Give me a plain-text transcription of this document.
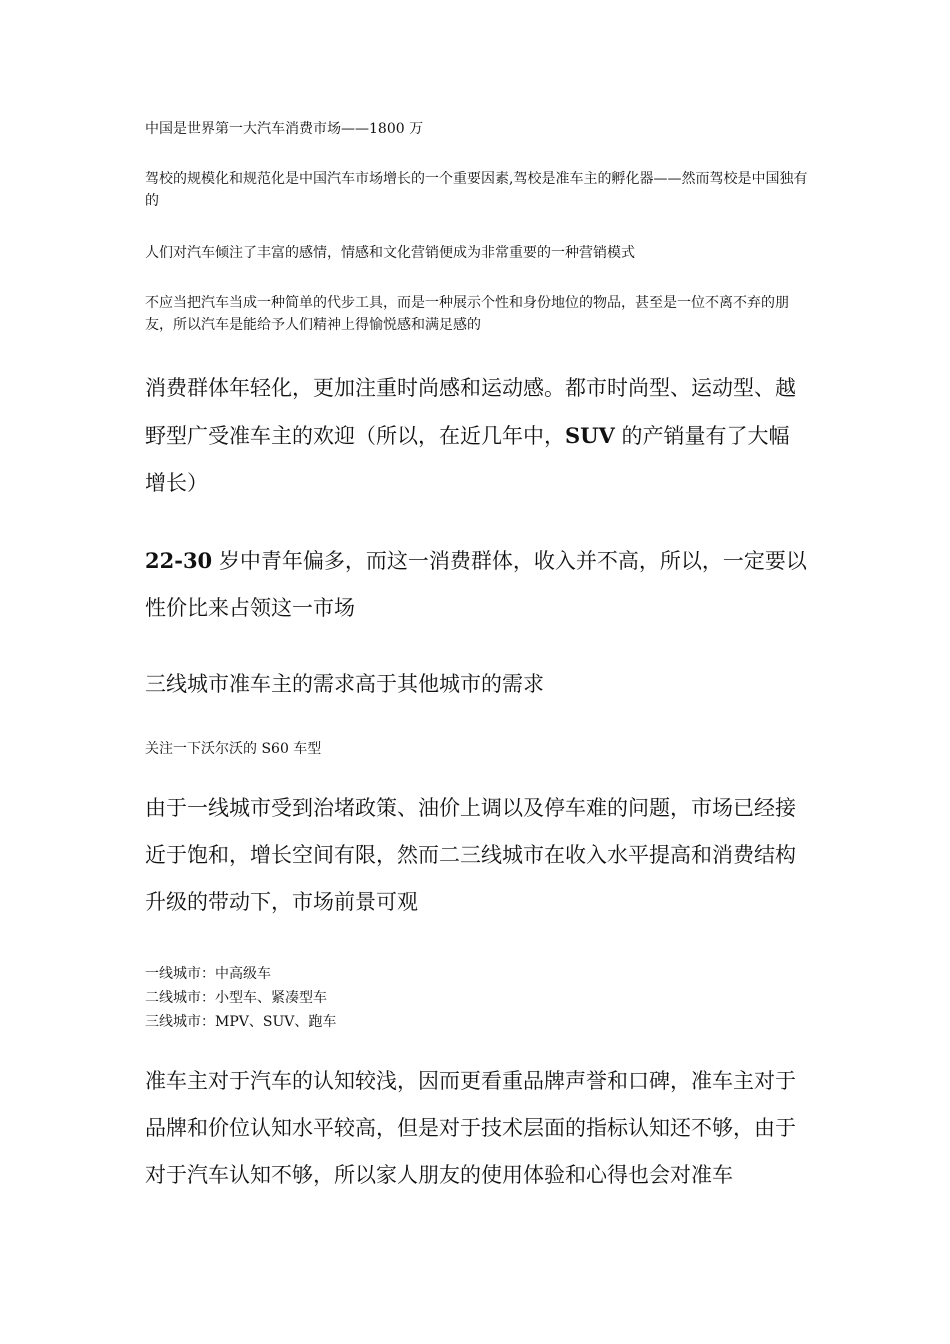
中国是世界第一大汽车消费市场——1800 万

驾校的规模化和规范化是中国汽车市场增长的一个重要因素,驾校是准车主的孵化器——然而驾校是中国独有的

人们对汽车倾注了丰富的感情，情感和文化营销便成为非常重要的一种营销模式

不应当把汽车当成一种简单的代步工具，而是一种展示个性和身份地位的物品，甚至是一位不离不弃的朋友，所以汽车是能给予人们精神上得愉悦感和满足感的

消费群体年轻化，更加注重时尚感和运动感。都市时尚型、运动型、越野型广受准车主的欢迎（所以，在近几年中，SUV 的产销量有了大幅增长）

22-30 岁中青年偏多，而这一消费群体，收入并不高，所以，一定要以性价比来占领这一市场

三线城市准车主的需求高于其他城市的需求

关注一下沃尔沃的 S60 车型

由于一线城市受到治堵政策、油价上调以及停车难的问题，市场已经接近于饱和，增长空间有限，然而二三线城市在收入水平提高和消费结构升级的带动下，市场前景可观

一线城市：中高级车
二线城市：小型车、紧凑型车
三线城市：MPV、SUV、跑车

准车主对于汽车的认知较浅，因而更看重品牌声誉和口碑，准车主对于品牌和价位认知水平较高，但是对于技术层面的指标认知还不够，由于对于汽车认知不够，所以家人朋友的使用体验和心得也会对准车
